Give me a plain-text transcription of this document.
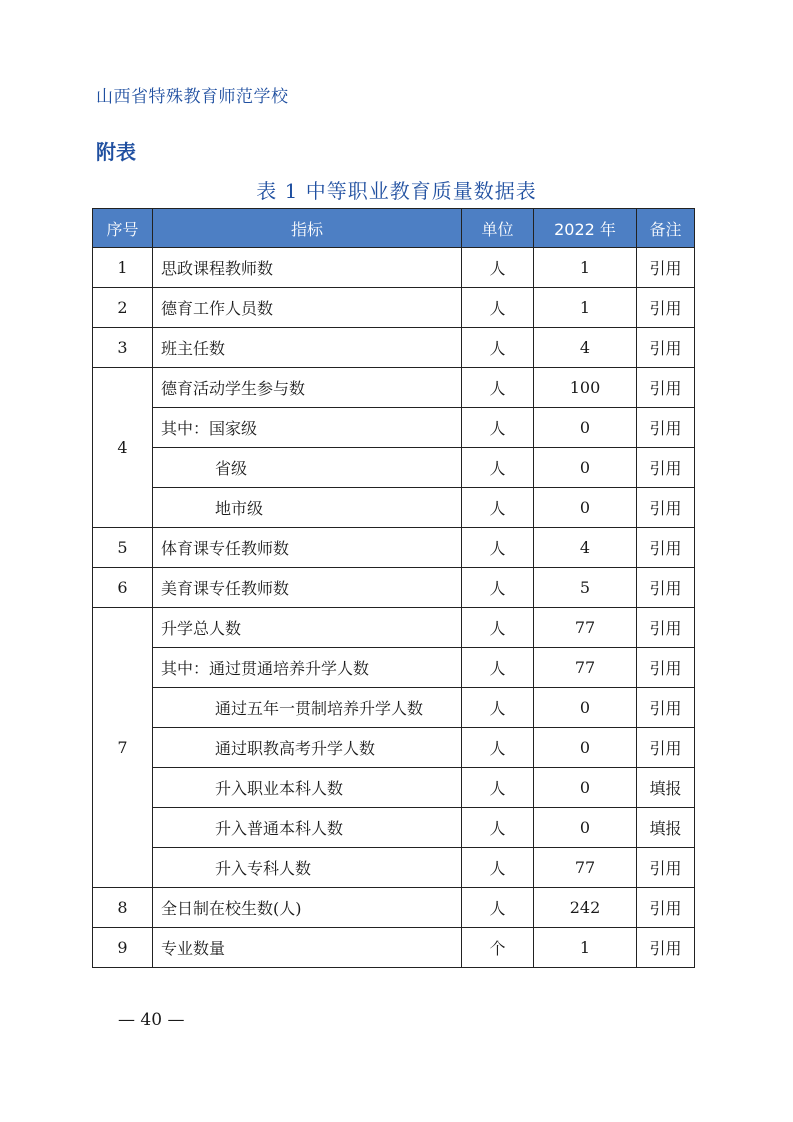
山西省特殊教育师范学校
附表
表 1 中等职业教育质量数据表
序号	指标	单位	2022 年	备注
1	思政课程教师数	人	1	引用
2	德育工作人员数	人	1	引用
3	班主任数	人	4	引用
4	德育活动学生参与数	人	100	引用
	其中：国家级	人	0	引用
	省级	人	0	引用
	地市级	人	0	引用
5	体育课专任教师数	人	4	引用
6	美育课专任教师数	人	5	引用
7	升学总人数	人	77	引用
	其中：通过贯通培养升学人数	人	77	引用
	通过五年一贯制培养升学人数	人	0	引用
	通过职教高考升学人数	人	0	引用
	升入职业本科人数	人	0	填报
	升入普通本科人数	人	0	填报
	升入专科人数	人	77	引用
8	全日制在校生数(人)	人	242	引用
9	专业数量	个	1	引用
— 40 —
